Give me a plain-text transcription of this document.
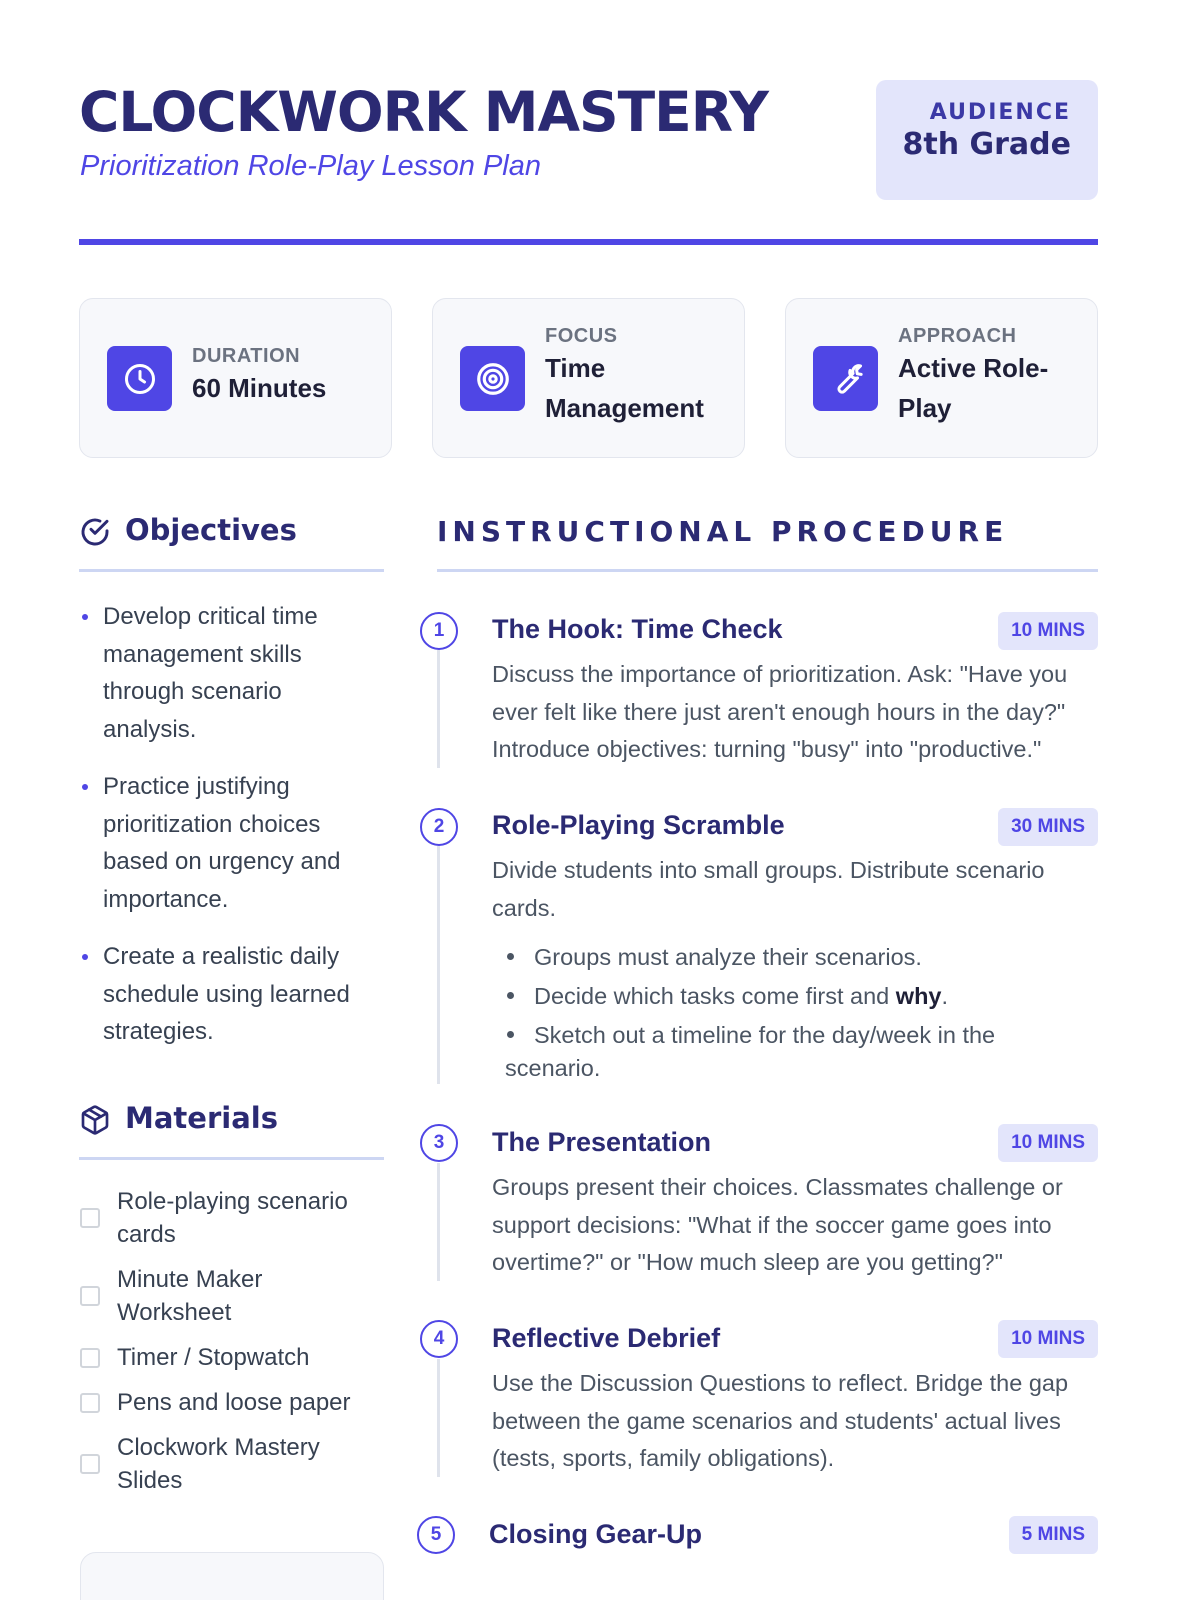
CLOCKWORK MASTERY
Prioritization Role-Play Lesson Plan
AUDIENCE
8th Grade
DURATION
60 Minutes
FOCUS
Time Management
APPROACH
Active Role-Play
Objectives
Develop critical time management skills through scenario analysis.
Practice justifying prioritization choices based on urgency and importance.
Create a realistic daily schedule using learned strategies.
Materials
Role-playing scenario cards
Minute Maker Worksheet
Timer / Stopwatch
Pens and loose paper
Clockwork Mastery Slides
INSTRUCTIONAL PROCEDURE
1	The Hook: Time Check	10 MINS
Discuss the importance of prioritization. Ask: "Have you ever felt like there just aren't enough hours in the day?" Introduce objectives: turning "busy" into "productive."
2	Role-Playing Scramble	30 MINS
Divide students into small groups. Distribute scenario cards.
Groups must analyze their scenarios.
Decide which tasks come first and why.
Sketch out a timeline for the day/week in the scenario.
3	The Presentation	10 MINS
Groups present their choices. Classmates challenge or support decisions: "What if the soccer game goes into overtime?" or "How much sleep are you getting?"
4	Reflective Debrief	10 MINS
Use the Discussion Questions to reflect. Bridge the gap between the game scenarios and students' actual lives (tests, sports, family obligations).
5	Closing Gear-Up	5 MINS
